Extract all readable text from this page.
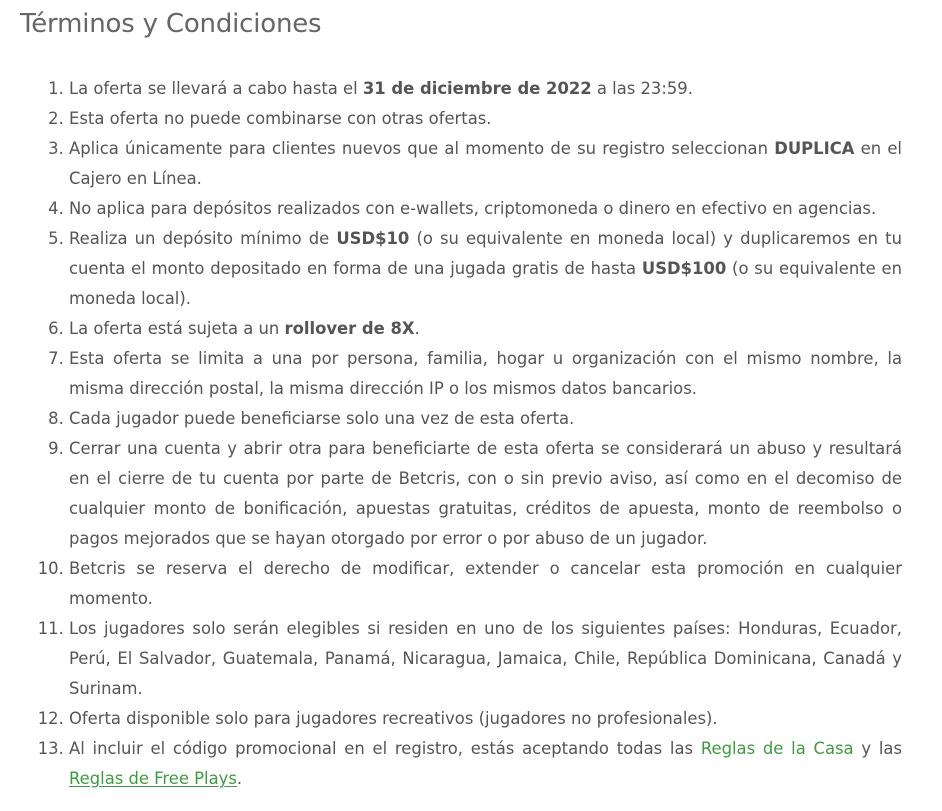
Términos y Condiciones
1. La oferta se llevará a cabo hasta el 31 de diciembre de 2022 a las 23:59.
2. Esta oferta no puede combinarse con otras ofertas.
3. Aplica únicamente para clientes nuevos que al momento de su registro seleccionan DUPLICA en el Cajero en Línea.
4. No aplica para depósitos realizados con e-wallets, criptomoneda o dinero en efectivo en agencias.
5. Realiza un depósito mínimo de USD$10 (o su equivalente en moneda local) y duplicaremos en tu cuenta el monto depositado en forma de una jugada gratis de hasta USD$100 (o su equivalente en moneda local).
6. La oferta está sujeta a un rollover de 8X.
7. Esta oferta se limita a una por persona, familia, hogar u organización con el mismo nombre, la misma dirección postal, la misma dirección IP o los mismos datos bancarios.
8. Cada jugador puede beneficiarse solo una vez de esta oferta.
9. Cerrar una cuenta y abrir otra para beneficiarte de esta oferta se considerará un abuso y resultará en el cierre de tu cuenta por parte de Betcris, con o sin previo aviso, así como en el decomiso de cualquier monto de bonificación, apuestas gratuitas, créditos de apuesta, monto de reembolso o pagos mejorados que se hayan otorgado por error o por abuso de un jugador.
10. Betcris se reserva el derecho de modificar, extender o cancelar esta promoción en cualquier momento.
11. Los jugadores solo serán elegibles si residen en uno de los siguientes países: Honduras, Ecuador, Perú, El Salvador, Guatemala, Panamá, Nicaragua, Jamaica, Chile, República Dominicana, Canadá y Surinam.
12. Oferta disponible solo para jugadores recreativos (jugadores no profesionales).
13. Al incluir el código promocional en el registro, estás aceptando todas las Reglas de la Casa y las Reglas de Free Plays.
